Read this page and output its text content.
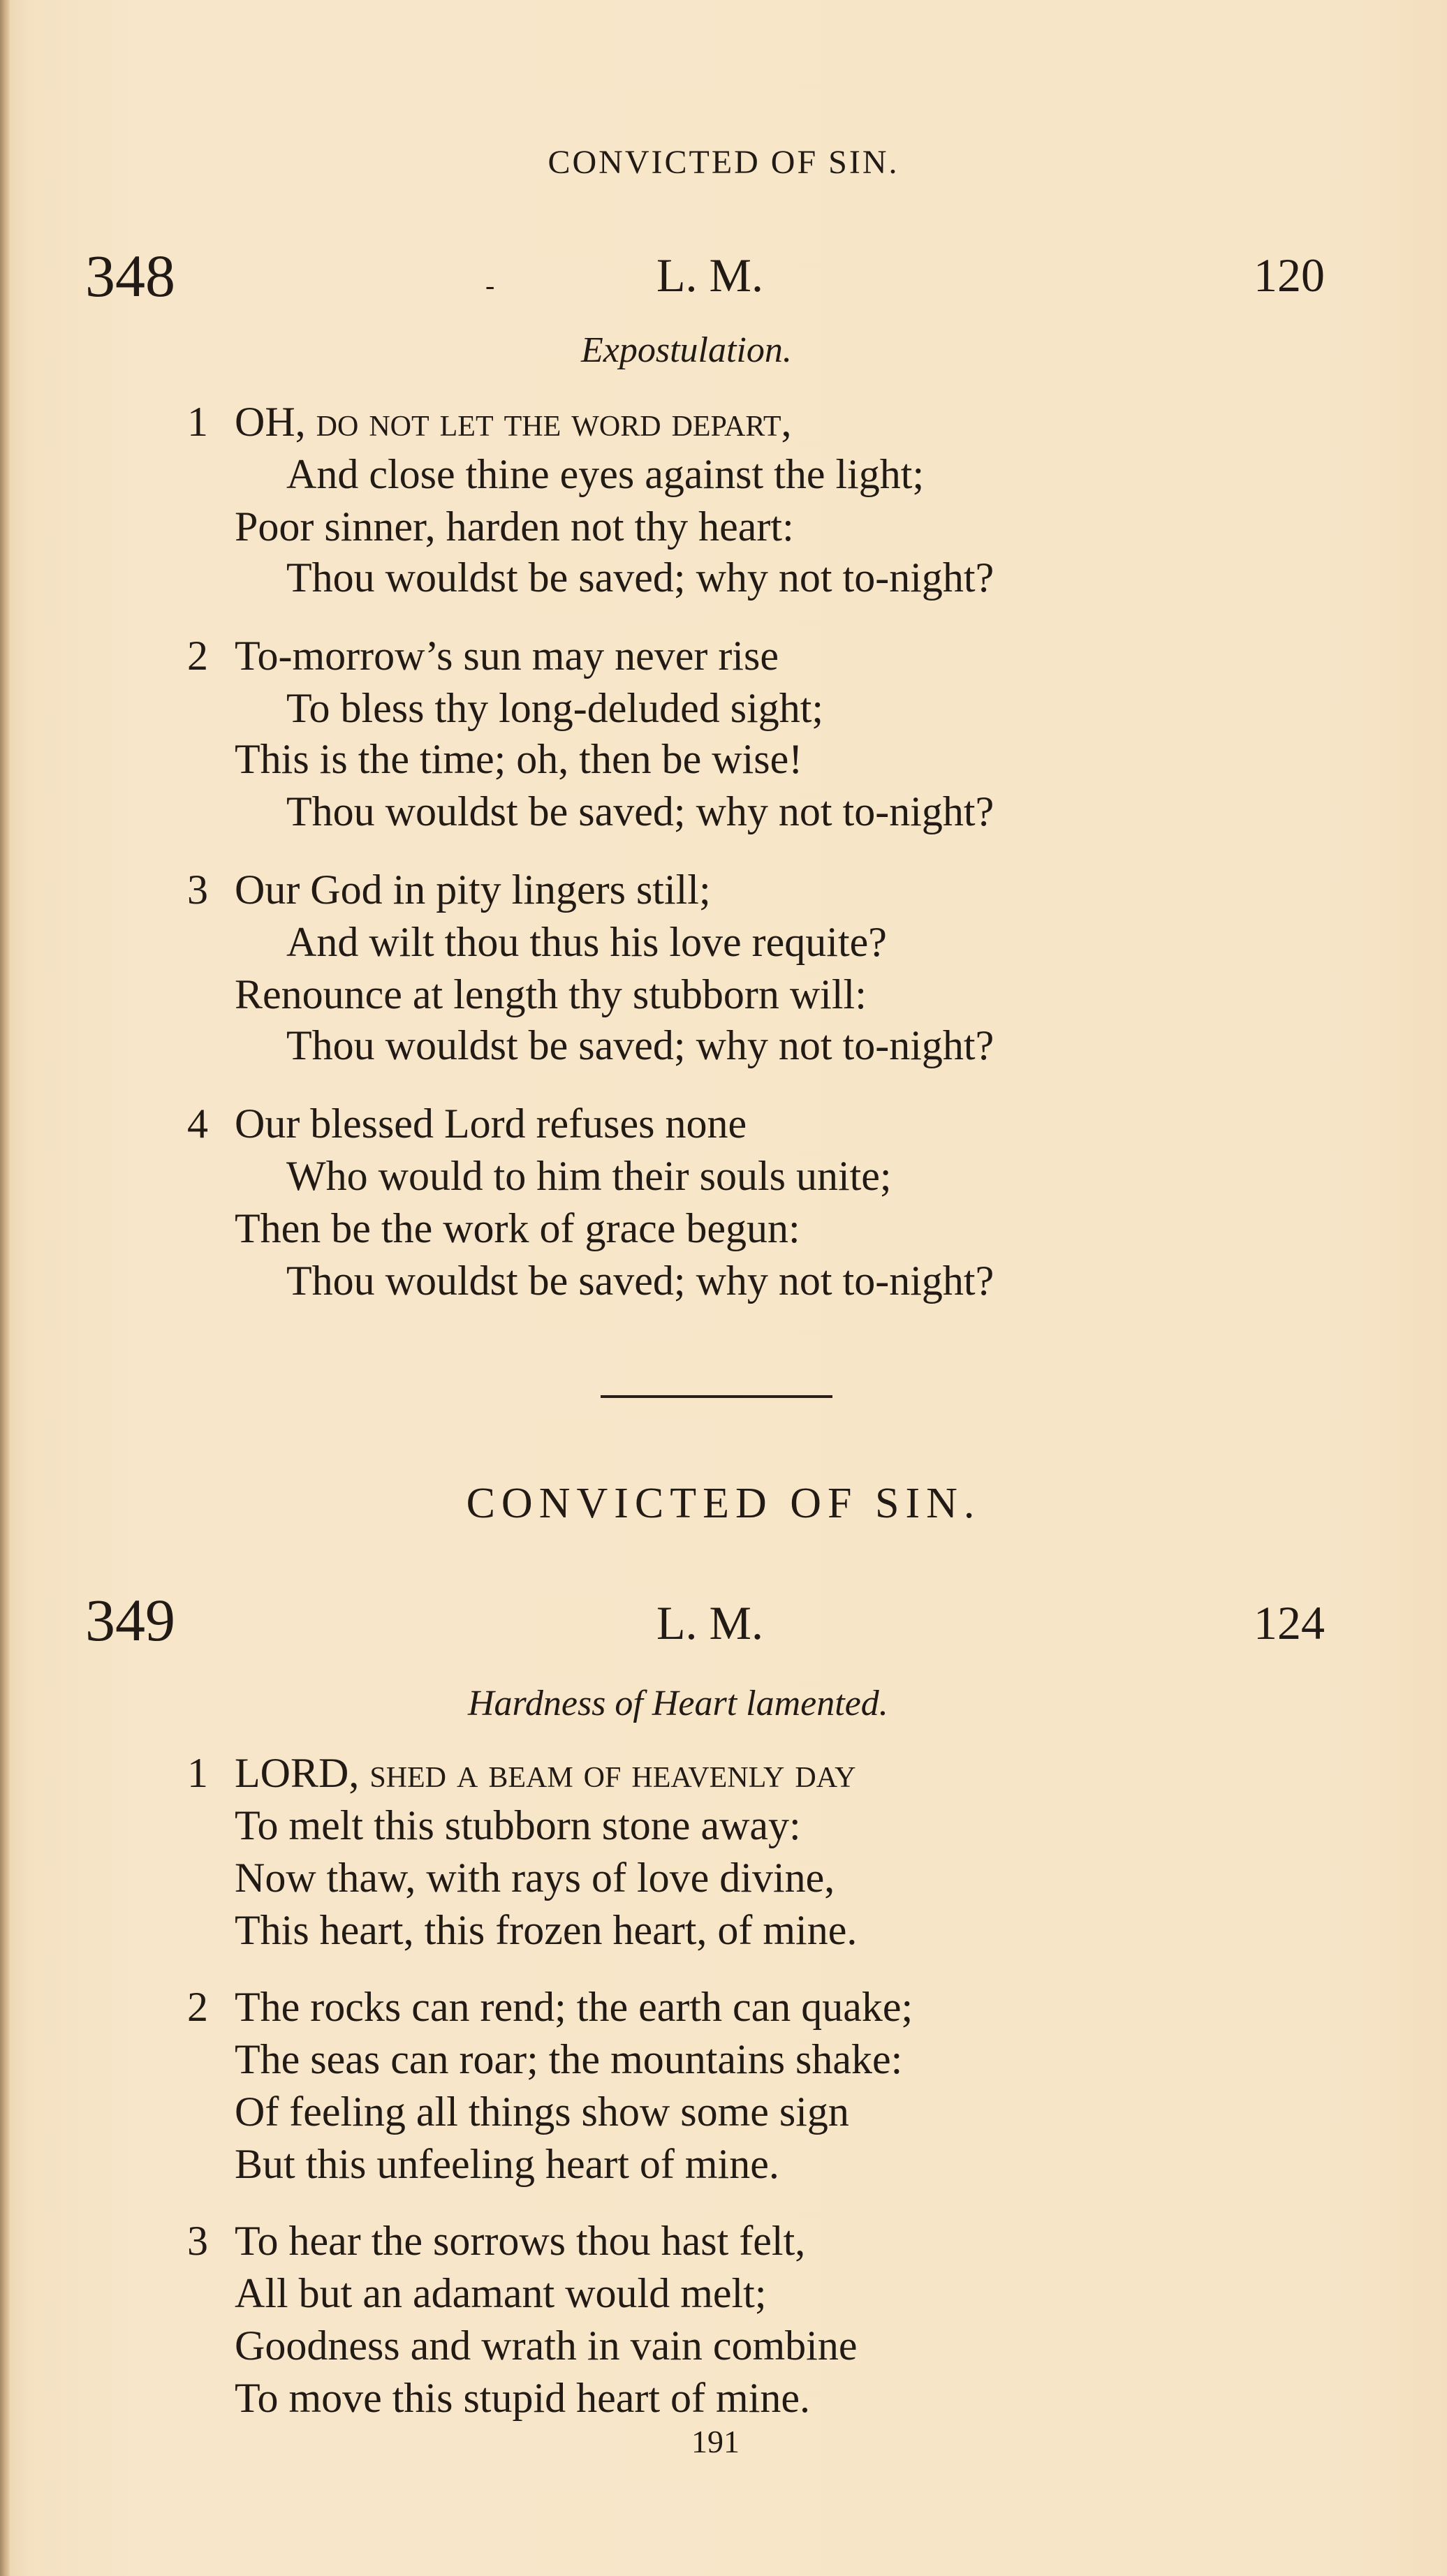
CONVICTED OF SIN.
348	-	L. M.	120
Expostulation.
1 OH, do not let the word depart,
And close thine eyes against the light;
Poor sinner, harden not thy heart:
Thou wouldst be saved; why not to-night?
2 To-morrow’s sun may never rise
To bless thy long-deluded sight;
This is the time; oh, then be wise!
Thou wouldst be saved; why not to-night?
3 Our God in pity lingers still;
And wilt thou thus his love requite?
Renounce at length thy stubborn will:
Thou wouldst be saved; why not to-night?
4 Our blessed Lord refuses none
Who would to him their souls unite;
Then be the work of grace begun:
Thou wouldst be saved; why not to-night?
CONVICTED OF SIN.
349	L. M.	124
Hardness of Heart lamented.
1 LORD, shed a beam of heavenly day
To melt this stubborn stone away:
Now thaw, with rays of love divine,
This heart, this frozen heart, of mine.
2 The rocks can rend; the earth can quake;
The seas can roar; the mountains shake:
Of feeling all things show some sign
But this unfeeling heart of mine.
3 To hear the sorrows thou hast felt,
All but an adamant would melt;
Goodness and wrath in vain combine
To move this stupid heart of mine.
191
